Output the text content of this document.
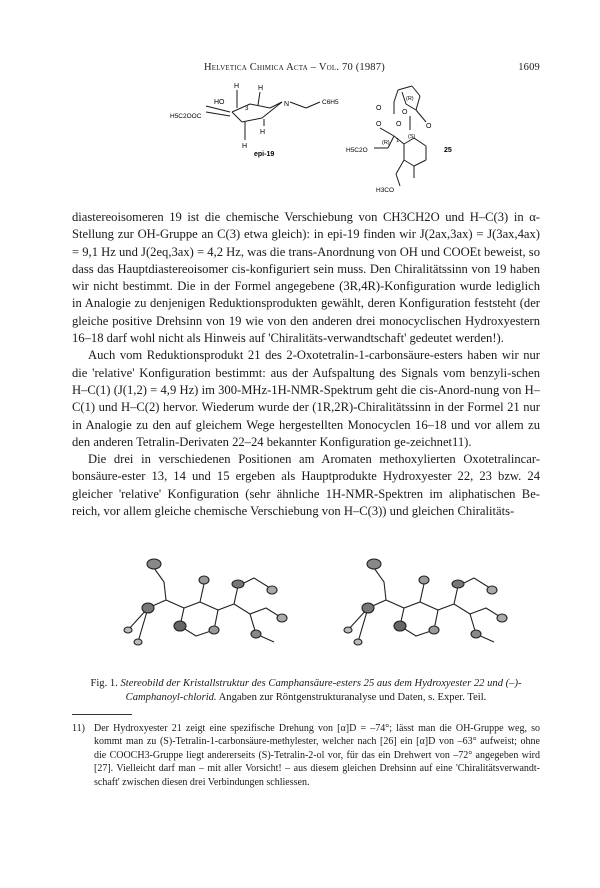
Helvetica Chimica Acta – Vol. 70 (1987)	1609
H	H
3
HO
H5C2OOC
N	C6H5
H
H
epi-19
O
(R)
O
O
O O
(S)
(R) 1
H5C2O	25
H3CO

diastereoisomeren 19 ist die chemische Verschiebung von CH3CH2O und H–C(3) in α-Stellung zur OH-Gruppe an C(3) etwa gleich): in epi-19 finden wir J(2ax,3ax) = J(3ax,4ax) = 9,1 Hz und J(2eq,3ax) = 4,2 Hz, was die trans-Anordnung von OH und COOEt beweist, so dass das Hauptdiastereoisomer cis-konfiguriert sein muss. Den Chiralitätssinn von 19 haben wir nicht bestimmt. Die in der Formel angegebene (3R,4R)-Konfiguration wurde lediglich in Analogie zu denjenigen Reduktionsprodukten gewählt, deren Konfiguration feststeht (der gleiche positive Drehsinn von 19 wie von den anderen drei monocyclischen Hydroxyestern 16–18 darf wohl nicht als Hinweis auf 'Chiralitäts-verwandtschaft' gedeutet werden!).

Auch vom Reduktionsprodukt 21 des 2-Oxotetralin-1-carbonsäure-esters haben wir nur die 'relative' Konfiguration bestimmt: aus der Aufspaltung des Signals vom benzyli-schen H–C(1) (J(1,2) = 4,9 Hz) im 300-MHz-1H-NMR-Spektrum geht die cis-Anord-nung von H–C(1) und H–C(2) hervor. Wiederum wurde der (1R,2R)-Chiralitätssinn in der Formel 21 nur in Analogie zu den auf gleichem Wege hergestellten Monocyclen 16–18 und vor allem zu den anderen Tetralin-Derivaten 22–24 bekannter Konfiguration ge-zeichnet11).

Die drei in verschiedenen Positionen am Aromaten methoxylierten Oxotetralincar-bonsäure-ester 13, 14 und 15 ergeben als Hauptprodukte Hydroxyester 22, 23 bzw. 24 gleicher 'relative' Konfiguration (sehr ähnliche 1H-NMR-Spektren im aliphatischen Be-reich, vor allem gleiche chemische Verschiebung von H–C(3)) und gleichen Chiralitäts-

Fig. 1. Stereobild der Kristallstruktur des Camphansäure-esters 25 aus dem Hydroxyester 22 und (–)-Camphanoyl-chlorid. Angaben zur Röntgenstrukturanalyse und Daten, s. Exper. Teil.
11) Der Hydroxyester 21 zeigt eine spezifische Drehung von [α]D = –74°; lässt man die OH-Gruppe weg, so kommt man zu (S)-Tetralin-1-carbonsäure-methylester, welcher nach [26] ein [α]D von –63° aufweist; ohne die COOCH3-Gruppe liegt andererseits (S)-Tetralin-2-ol vor, für das ein Drehwert von –72° angegeben wird [27]. Vielleicht darf man – mit aller Vorsicht! – aus diesem gleichen Drehsinn auf eine 'Chiralitätsverwandt-schaft' zwischen diesen drei Verbindungen schliessen.
